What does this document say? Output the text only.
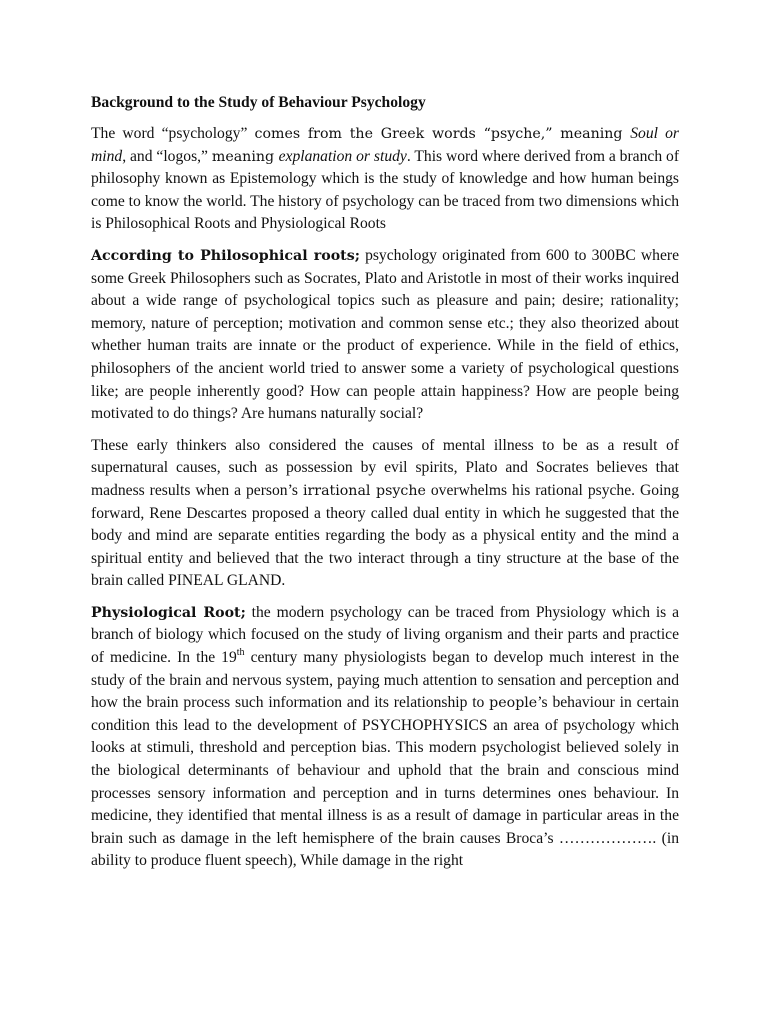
Background to the Study of Behaviour Psychology

The word “psychology” comes from the Greek words “psyche,” meaning Soul or mind, and “logos,” meaning explanation or study. This word where derived from a branch of philosophy known as Epistemology which is the study of knowledge and how human beings come to know the world. The history of psychology can be traced from two dimensions which is Philosophical Roots and Physiological Roots

According to Philosophical roots; psychology originated from 600 to 300BC where some Greek Philosophers such as Socrates, Plato and Aristotle in most of their works inquired about a wide range of psychological topics such as pleasure and pain; desire; rationality; memory, nature of perception; motivation and common sense etc.; they also theorized about whether human traits are innate or the product of experience. While in the field of ethics, philosophers of the ancient world tried to answer some a variety of psychological questions like; are people inherently good? How can people attain happiness? How are people being motivated to do things? Are humans naturally social?

These early thinkers also considered the causes of mental illness to be as a result of supernatural causes, such as possession by evil spirits, Plato and Socrates believes that madness results when a person’s irrational psyche overwhelms his rational psyche. Going forward, Rene Descartes proposed a theory called dual entity in which he suggested that the body and mind are separate entities regarding the body as a physical entity and the mind a spiritual entity and believed that the two interact through a tiny structure at the base of the brain called PINEAL GLAND.

Physiological Root; the modern psychology can be traced from Physiology which is a branch of biology which focused on the study of living organism and their parts and practice of medicine. In the 19th century many physiologists began to develop much interest in the study of the brain and nervous system, paying much attention to sensation and perception and how the brain process such information and its relationship to people’s behaviour in certain condition this lead to the development of PSYCHOPHYSICS an area of psychology which looks at stimuli, threshold and perception bias. This modern psychologist believed solely in the biological determinants of behaviour and uphold that the brain and conscious mind processes sensory information and perception and in turns determines ones behaviour. In medicine, they identified that mental illness is as a result of damage in particular areas in the brain such as damage in the left hemisphere of the brain causes Broca’s ………………. (in ability to produce fluent speech), While damage in the right
